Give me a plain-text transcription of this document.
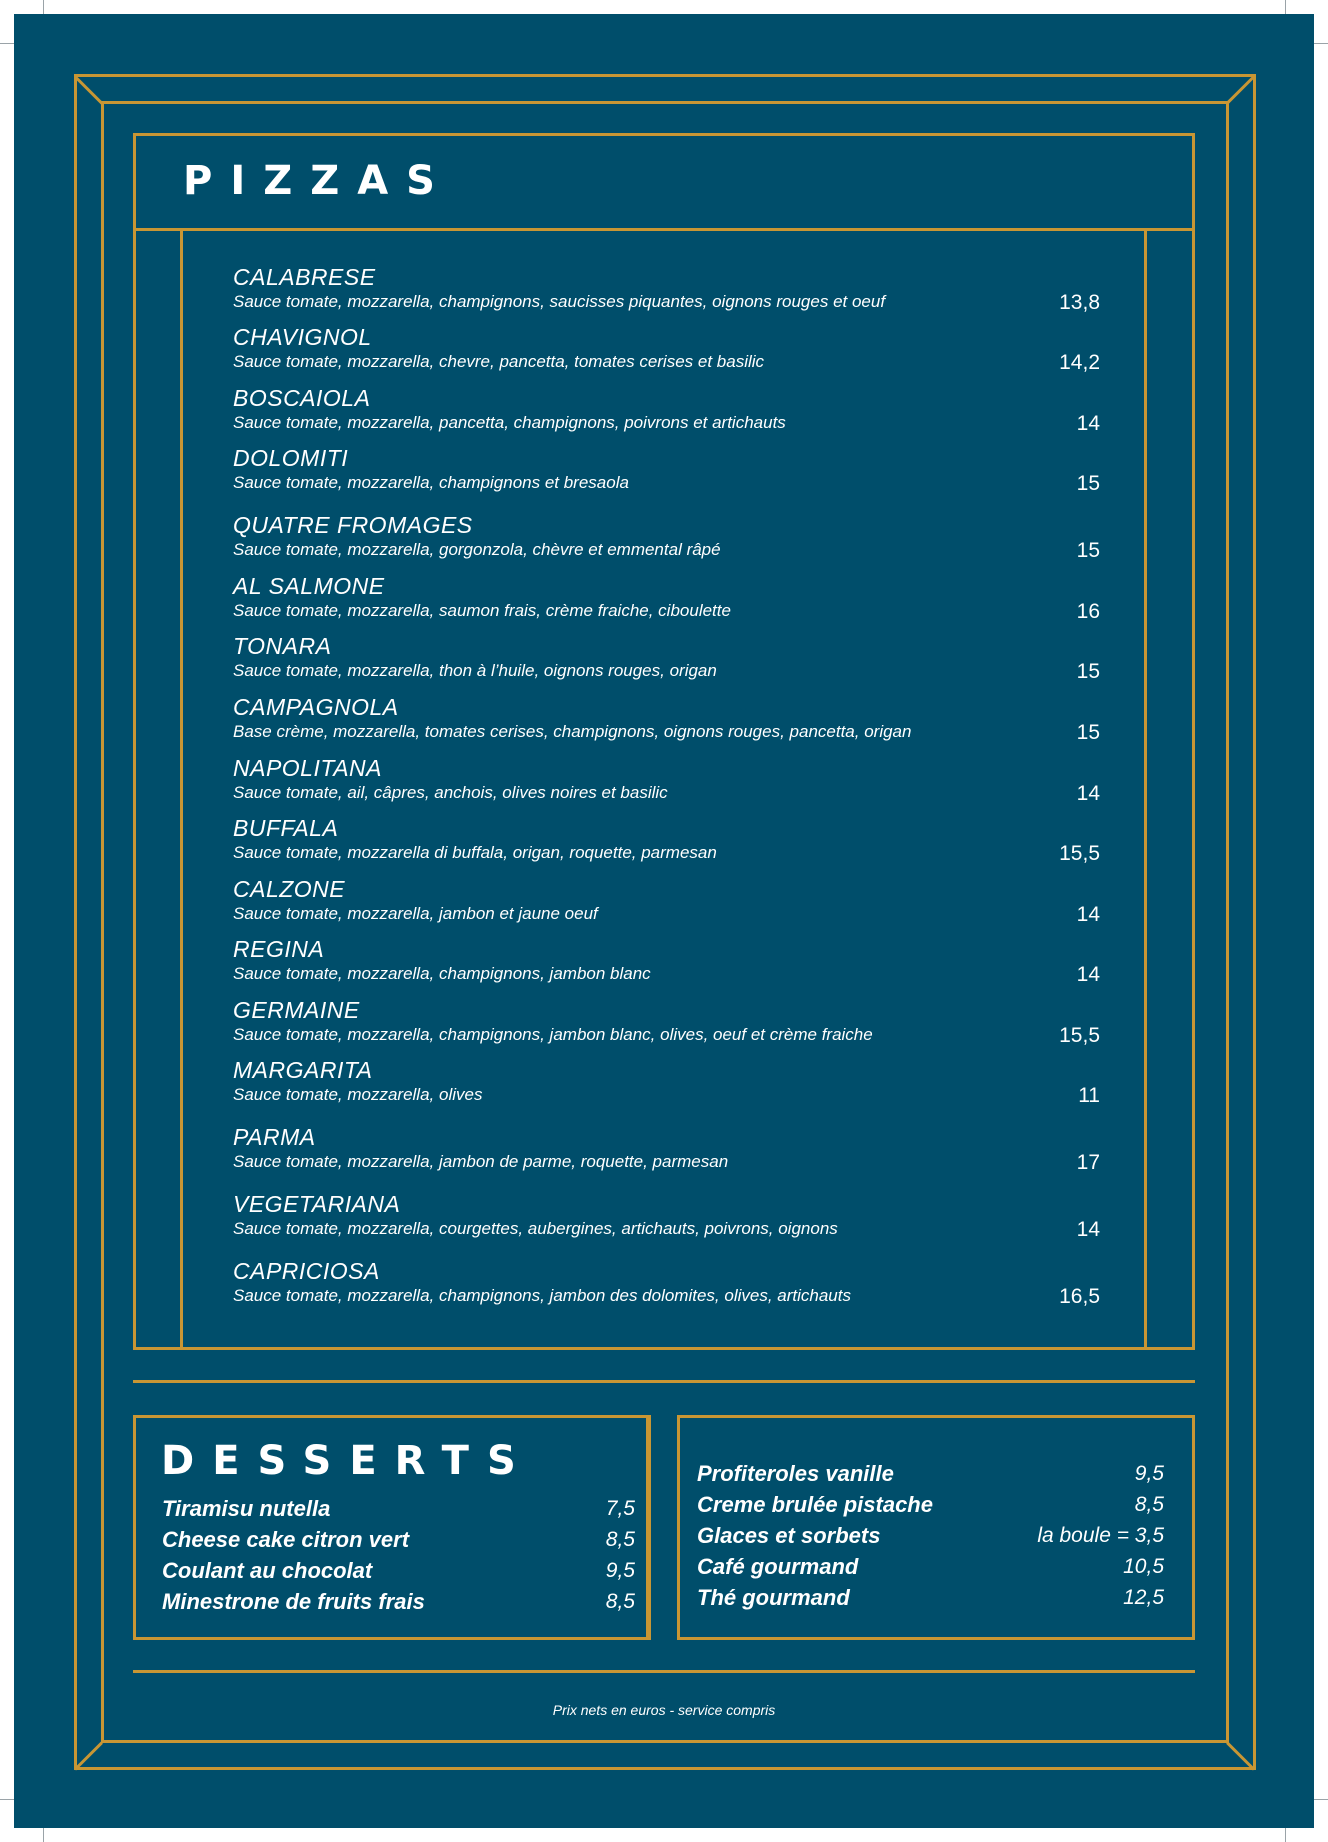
PIZZAS
CALABRESE
Sauce tomate, mozzarella, champignons, saucisses piquantes, oignons rouges et oeuf	13,8
CHAVIGNOL
Sauce tomate, mozzarella, chevre, pancetta, tomates cerises et basilic	14,2
BOSCAIOLA
Sauce tomate, mozzarella, pancetta, champignons, poivrons et artichauts	14
DOLOMITI
Sauce tomate, mozzarella, champignons et bresaola	15
QUATRE FROMAGES
Sauce tomate, mozzarella, gorgonzola, chèvre et emmental râpé	15
AL SALMONE
Sauce tomate, mozzarella, saumon frais, crème fraiche, ciboulette	16
TONARA
Sauce tomate, mozzarella, thon à l’huile, oignons rouges, origan	15
CAMPAGNOLA
Base crème, mozzarella, tomates cerises, champignons, oignons rouges, pancetta, origan	15
NAPOLITANA
Sauce tomate, ail, câpres, anchois, olives noires et basilic	14
BUFFALA
Sauce tomate, mozzarella di buffala, origan, roquette, parmesan	15,5
CALZONE
Sauce tomate, mozzarella, jambon et jaune oeuf	14
REGINA
Sauce tomate, mozzarella, champignons, jambon blanc	14
GERMAINE
Sauce tomate, mozzarella, champignons, jambon blanc, olives, oeuf et crème fraiche	15,5
MARGARITA
Sauce tomate, mozzarella, olives	11
PARMA
Sauce tomate, mozzarella, jambon de parme, roquette, parmesan	17
VEGETARIANA
Sauce tomate, mozzarella, courgettes, aubergines, artichauts, poivrons, oignons	14
CAPRICIOSA
Sauce tomate, mozzarella, champignons, jambon des dolomites, olives, artichauts	16,5
DESSERTS
Tiramisu nutella	7,5
Cheese cake citron vert	8,5
Coulant au chocolat	9,5
Minestrone de fruits frais	8,5
Profiteroles vanille	9,5
Creme brulée pistache	8,5
Glaces et sorbets	la boule = 3,5
Café gourmand	10,5
Thé gourmand	12,5
Prix nets en euros - service compris
